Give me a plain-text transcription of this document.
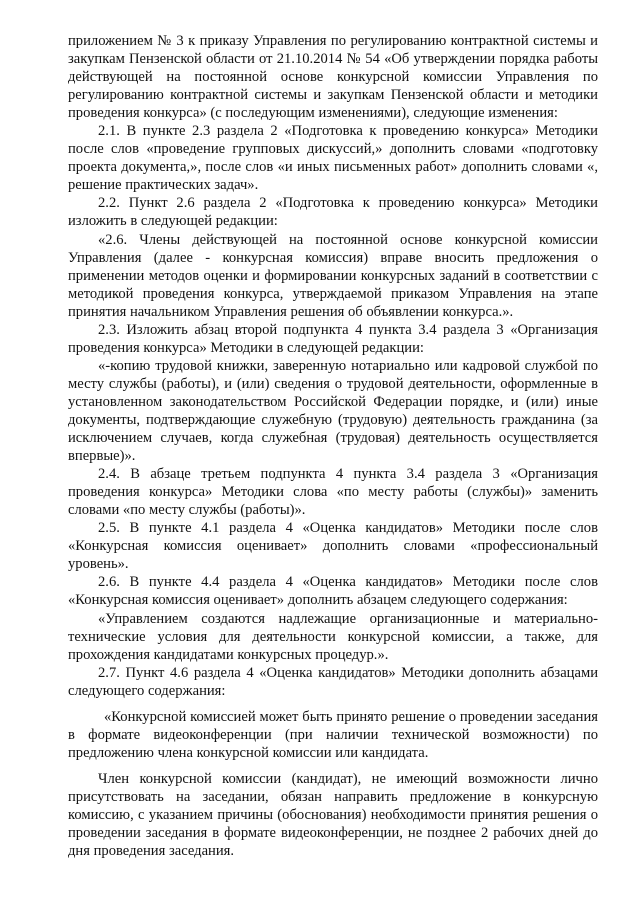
приложением № 3 к приказу Управления по регулированию контрактной системы и закупкам Пензенской области от 21.10.2014 № 54 «Об утверждении порядка работы действующей на постоянной основе конкурсной комиссии Управления по регулированию контрактной системы и закупкам Пензенской области и методики проведения конкурса» (с последующим изменениями), следующие изменения:

2.1. В пункте 2.3 раздела 2 «Подготовка к проведению конкурса» Методики после слов «проведение групповых дискуссий,» дополнить словами «подготовку проекта документа,», после слов «и иных письменных работ» дополнить словами «, решение практических задач».

2.2. Пункт 2.6 раздела 2 «Подготовка к проведению конкурса» Методики изложить в следующей редакции:

«2.6. Члены действующей на постоянной основе конкурсной комиссии Управления (далее - конкурсная комиссия) вправе вносить предложения о применении методов оценки и формировании конкурсных заданий в соответствии с методикой проведения конкурса, утверждаемой приказом Управления на этапе принятия начальником Управления решения об объявлении конкурса.».

2.3. Изложить абзац второй подпункта 4 пункта 3.4 раздела 3 «Организация проведения конкурса» Методики в следующей редакции:

«-копию трудовой книжки, заверенную нотариально или кадровой службой по месту службы (работы), и (или) сведения о трудовой деятельности, оформленные в установленном законодательством Российской Федерации порядке, и (или) иные документы, подтверждающие служебную (трудовую) деятельность гражданина (за исключением случаев, когда служебная (трудовая) деятельность осуществляется впервые)».

2.4. В абзаце третьем подпункта 4 пункта 3.4 раздела 3 «Организация проведения конкурса» Методики слова «по месту работы (службы)» заменить словами «по месту службы (работы)».

2.5. В пункте 4.1 раздела 4 «Оценка кандидатов» Методики после слов «Конкурсная комиссия оценивает» дополнить словами «профессиональный уровень».

2.6. В пункте 4.4 раздела 4 «Оценка кандидатов» Методики после слов «Конкурсная комиссия оценивает» дополнить абзацем следующего содержания:

«Управлением создаются надлежащие организационные и материально-технические условия для деятельности конкурсной комиссии, а также, для прохождения кандидатами конкурсных процедур.».

2.7. Пункт 4.6 раздела 4 «Оценка кандидатов» Методики дополнить абзацами следующего содержания:

«Конкурсной комиссией может быть принято решение о проведении заседания в формате видеоконференции (при наличии технической возможности) по предложению члена конкурсной комиссии или кандидата.

Член конкурсной комиссии (кандидат), не имеющий возможности лично присутствовать на заседании, обязан направить предложение в конкурсную комиссию, с указанием причины (обоснования) необходимости принятия решения о проведении заседания в формате видеоконференции, не позднее 2 рабочих дней до дня проведения заседания.
